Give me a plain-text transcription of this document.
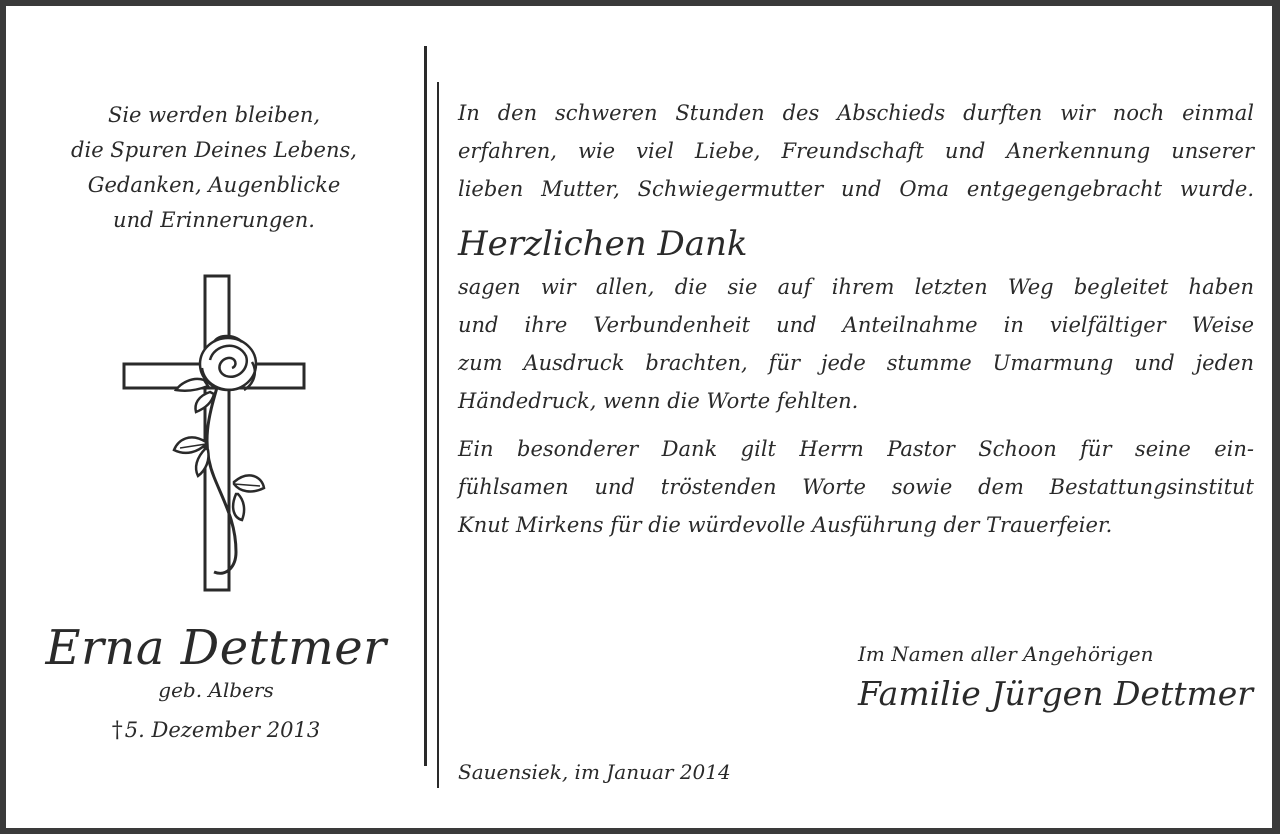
Sie werden bleiben,
die Spuren Deines Lebens,
Gedanken, Augenblicke
und Erinnerungen.
Erna Dettmer
geb. Albers
†5. Dezember 2013

In den schweren Stunden des Abschieds durften wir noch einmal
erfahren, wie viel Liebe, Freundschaft und Anerkennung unserer
lieben Mutter, Schwiegermutter und Oma entgegengebracht wurde.

Herzlichen Dank

sagen wir allen, die sie auf ihrem letzten Weg begleitet haben
und ihre Verbundenheit und Anteilnahme in vielfältiger Weise
zum Ausdruck brachten, für jede stumme Umarmung und jeden
Händedruck, wenn die Worte fehlten.

Ein besonderer Dank gilt Herrn Pastor Schoon für seine ein-
fühlsamen und tröstenden Worte sowie dem Bestattungsinstitut
Knut Mirkens für die würdevolle Ausführung der Trauerfeier.

Im Namen aller Angehörigen
Familie Jürgen Dettmer
Sauensiek, im Januar 2014
